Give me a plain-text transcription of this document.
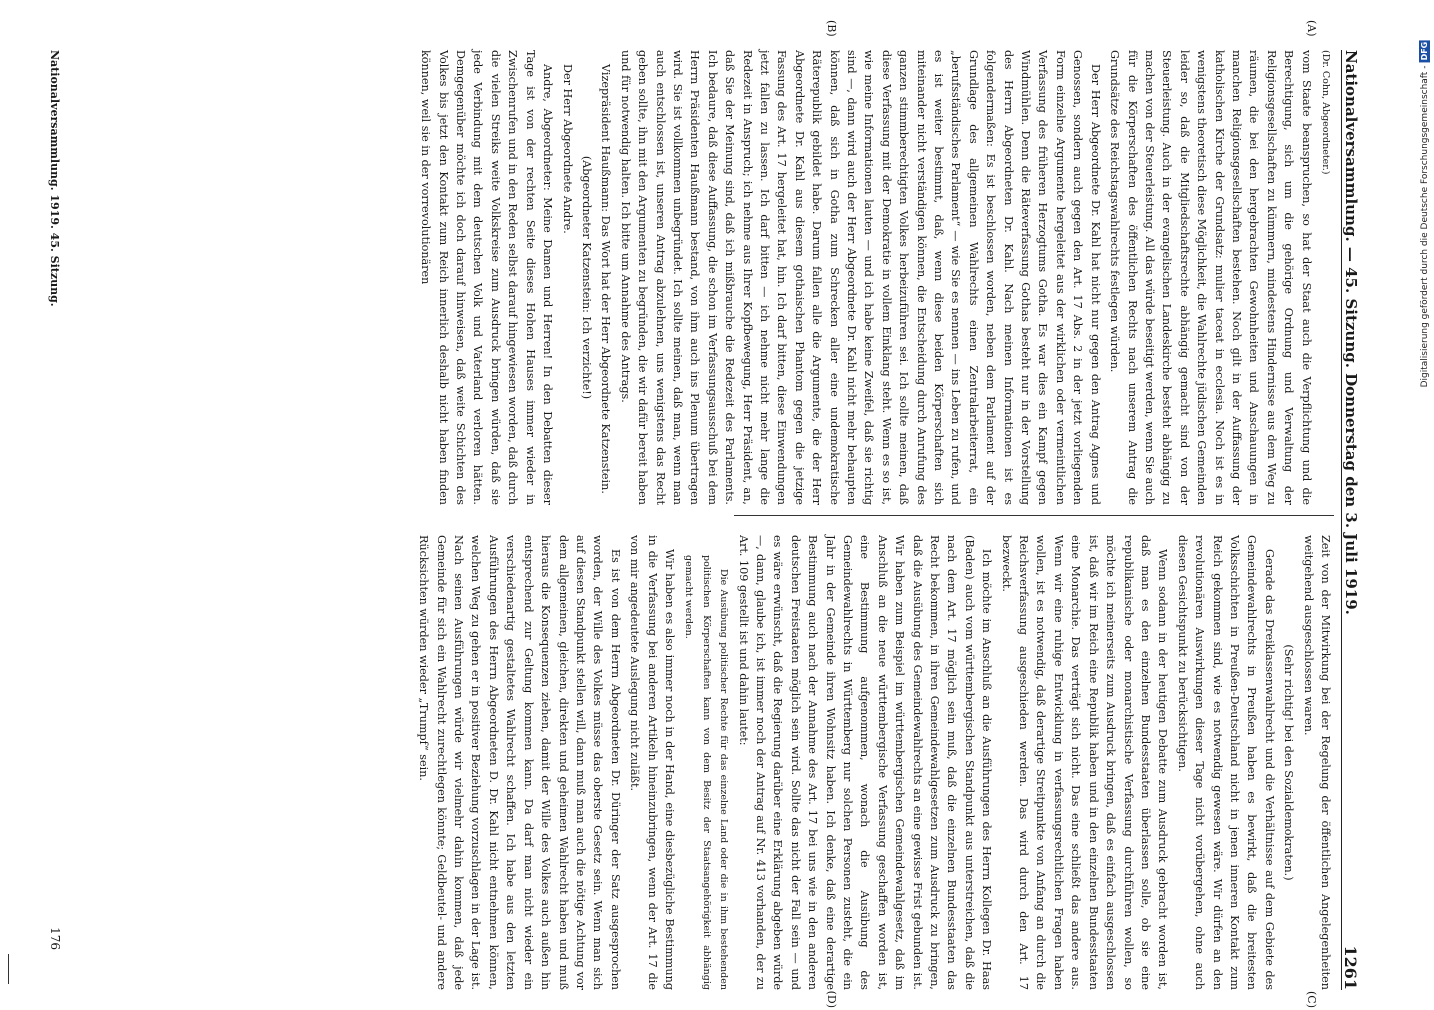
Nationalversammlung. — 45. Sitzung. Donnerstag den 3. Juli 1919.
1261
(A)
(B)
(C)
(D)

(Dr. Cohn, Abgeordneter.)

vom Staate beanspruchen, so hat der Staat auch die Verpflichtung und die Berechtigung, sich um die gehörige Ordnung und Verwaltung der Religionsgesellschaften zu kümmern, mindestens Hindernisse aus dem Weg zu räumen, die bei den hergebrachten Gewohnheiten und Anschauungen in manchen Religionsgesellschaften bestehen. Noch gilt in der Auffassung der katholischen Kirche der Grundsatz: mulier taceat in ecclesia. Noch ist es in wenigstens theoretisch diese Möglichkeit, die Wahlrechte jüdischen Gemeinden leider so, daß die Mitgliedschaftsrechte abhängig gemacht sind von der Steuerleistung. Auch in der evangelischen Landeskirche besteht abhängig zu machen von der Steuerleistung. All das würde beseitigt werden, wenn Sie auch für die Körperschaften des öffentlichen Rechts nach unserem Antrag die Grundsätze des Reichstagswahlrechts festlegen würden.

Der Herr Abgeordnete Dr. Kahl hat nicht nur gegen den Antrag Agnes und Genossen, sondern auch gegen den Art. 17 Abs. 2 in der jetzt vorliegenden Form einzelne Argumente hergeleitet aus der wirklichen oder vermeintlichen Verfassung des früheren Herzogtums Gotha. Es war dies ein Kampf gegen Windmühlen. Denn die Räteverfassung Gothas besteht nur in der Vorstellung des Herrn Abgeordneten Dr. Kahl. Nach meinen Informationen ist es folgendermaßen: Es ist beschlossen worden, neben dem Parlament auf der Grundlage des allgemeinen Wahlrechts einen Zentralarbeiterrat, ein „berufsständisches Parlament“ — wie Sie es nennen — ins Leben zu rufen, und es ist weiter bestimmt, daß, wenn diese beiden Körperschaften sich miteinander nicht verständigen können, die Entscheidung durch Anrufung des ganzen stimmberechtigten Volkes herbeizuführen sei. Ich sollte meinen, daß diese Verfassung mit der Demokratie in vollem Einklang steht. Wenn es so ist, wie meine Informationen lauten — und ich habe keine Zweifel, daß sie richtig sind —, dann wird auch der Herr Abgeordnete Dr. Kahl nicht mehr behaupten können, daß sich in Gotha zum Schrecken aller eine undemokratische Räterepublik gebildet habe. Darum fallen alle die Argumente, die der Herr Abgeordnete Dr. Kahl aus diesem gothaischen Phantom gegen die jetzige Fassung des Art. 17 hergeleitet hat, hin. Ich darf bitten, diese Einwendungen jetzt fallen zu lassen. Ich darf bitten — ich nehme nicht mehr lange die Redezeit in Anspruch; ich nehme aus Ihrer Kopfbewegung, Herr Präsident, an, daß Sie der Meinung sind, daß ich mißbrauche die Redezeit des Parlaments. Ich bedaure, daß diese Auffassung, die schon im Verfassungsausschuß bei dem Herrn Präsidenten Haußmann bestand, von ihm auch ins Plenum übertragen wird. Sie ist vollkommen unbegründet. Ich sollte meinen, daß man, wenn man auch entschlossen ist, unseren Antrag abzulehnen, uns wenigstens das Recht geben sollte, ihn mit den Argumenten zu begründen, die wir dafür bereit haben und für notwendig halten. Ich bitte um Annahme des Antrags.

Vizepräsident Haußmann: Das Wort hat der Herr Abgeordnete Katzenstein.

(Abgeordneter Katzenstein: Ich verzichte!)

Der Herr Abgeordnete Andre.

Andre, Abgeordneter: Meine Damen und Herren! In den Debatten dieser Tage ist von der rechten Seite dieses Hohen Hauses immer wieder in Zwischenrufen und in den Reden selbst darauf hingewiesen worden, daß durch die vielen Streiks weite Volkskreise zum Ausdruck bringen würden, daß sie jede Verbindung mit dem deutschen Volk und Vaterland verloren hätten. Demgegenüber möchte ich doch darauf hinweisen, daß weite Schichten des Volkes bis jetzt den Kontakt zum Reich innerlich deshalb nicht haben finden können, weil sie in der vorrevolutionären

Zeit von der Mitwirkung bei der Regelung der öffentlichen Angelegenheiten weitgehend ausgeschlossen waren.

(Sehr richtig! bei den Sozialdemokraten.)

Gerade das Dreiklassenwahlrecht und die Verhältnisse auf dem Gebiete des Gemeindewahlrechts in Preußen haben es bewirkt, daß die breitesten Volksschichten in Preußen-Deutschland nicht in jenen inneren Kontakt zum Reich gekommen sind, wie es notwendig gewesen wäre. Wir dürfen an den revolutionären Auswirkungen dieser Tage nicht vorübergehen, ohne auch diesen Gesichtspunkt zu berücksichtigen.

Wenn sodann in der heutigen Debatte zum Ausdruck gebracht worden ist, daß man es den einzelnen Bundesstaaten überlassen solle, ob sie eine republikanische oder monarchistische Verfassung durchführen wollen, so möchte ich meinerseits zum Ausdruck bringen, daß es einfach ausgeschlossen ist, daß wir im Reich eine Republik haben und in den einzelnen Bundesstaaten eine Monarchie. Das verträgt sich nicht. Das eine schließt das andere aus. Wenn wir eine ruhige Entwicklung in verfassungsrechtlichen Fragen haben wollen, ist es notwendig, daß derartige Streitpunkte von Anfang an durch die Reichsverfassung ausgeschieden werden. Das wird durch den Art. 17 bezweckt.

Ich möchte im Anschluß an die Ausführungen des Herrn Kollegen Dr. Haas (Baden) auch vom württembergischen Standpunkt aus unterstreichen, daß die nach dem Art. 17 möglich sein muß, daß die einzelnen Bundesstaaten das Recht bekommen, in ihren Gemeindewahlgesetzen zum Ausdruck zu bringen, daß die Ausübung des Gemeindewahlrechts an eine gewisse Frist gebunden ist. Wir haben zum Beispiel im württembergischen Gemeindewahlgesetz, daß im Anschluß an die neue württembergische Verfassung geschaffen worden ist, eine Bestimmung aufgenommen, wonach die Ausübung des Gemeindewahlrechts in Württemberg nur solchen Personen zusteht, die ein Jahr in der Gemeinde ihren Wohnsitz haben. Ich denke, daß eine derartige Bestimmung auch nach der Annahme des Art. 17 bei uns wie in den anderen deutschen Freistaaten möglich sein wird. Sollte das nicht der Fall sein — und es wäre erwünscht, daß die Regierung darüber eine Erklärung abgeben würde —, dann, glaube ich, ist immer noch der Antrag auf Nr. 413 vorhanden, der zu Art. 109 gestellt ist und dahin lautet:

Die Ausübung politischer Rechte für das einzelne Land oder die in ihm bestehenden politischen Körperschaften kann von dem Besitz der Staatsangehörigkeit abhängig gemacht werden.

Wir haben es also immer noch in der Hand, eine diesbezügliche Bestimmung in die Verfassung bei anderen Artikeln hineinzubringen, wenn der Art. 17 die von mir angedeutete Auslegung nicht zuläßt.

Es ist von dem Herrn Abgeordneten Dr. Düringer der Satz ausgesprochen worden, der Wille des Volkes müsse das oberste Gesetz sein. Wenn man sich auf diesen Standpunkt stellen will, dann muß man auch die nötige Achtung vor dem allgemeinen, gleichen, direkten und geheimen Wahlrecht haben und muß hieraus die Konsequenzen ziehen, damit der Wille des Volkes auch außen hin entsprechend zur Geltung kommen kann. Da darf man nicht wieder ein verschiedenartig gestaltetes Wahlrecht schaffen. Ich habe aus den letzten Ausführungen des Herrn Abgeordneten D. Dr. Kahl nicht entnehmen können, welchen Weg zu gehen er in positiver Beziehung vorzuschlagen in der Lage ist. Nach seinen Ausführungen würde wir vielmehr dahin kommen, daß jede Gemeinde für sich ein Wahlrecht zurechtlegen könnte; Geldbeutel- und andere Rücksichten würden wieder „Trumpf“ sein.

Nationalversammlung. 1919. 45. Sitzung.
176
Digitalisierung gefördert durch die Deutsche Forschungsgemeinschaft - DFG
